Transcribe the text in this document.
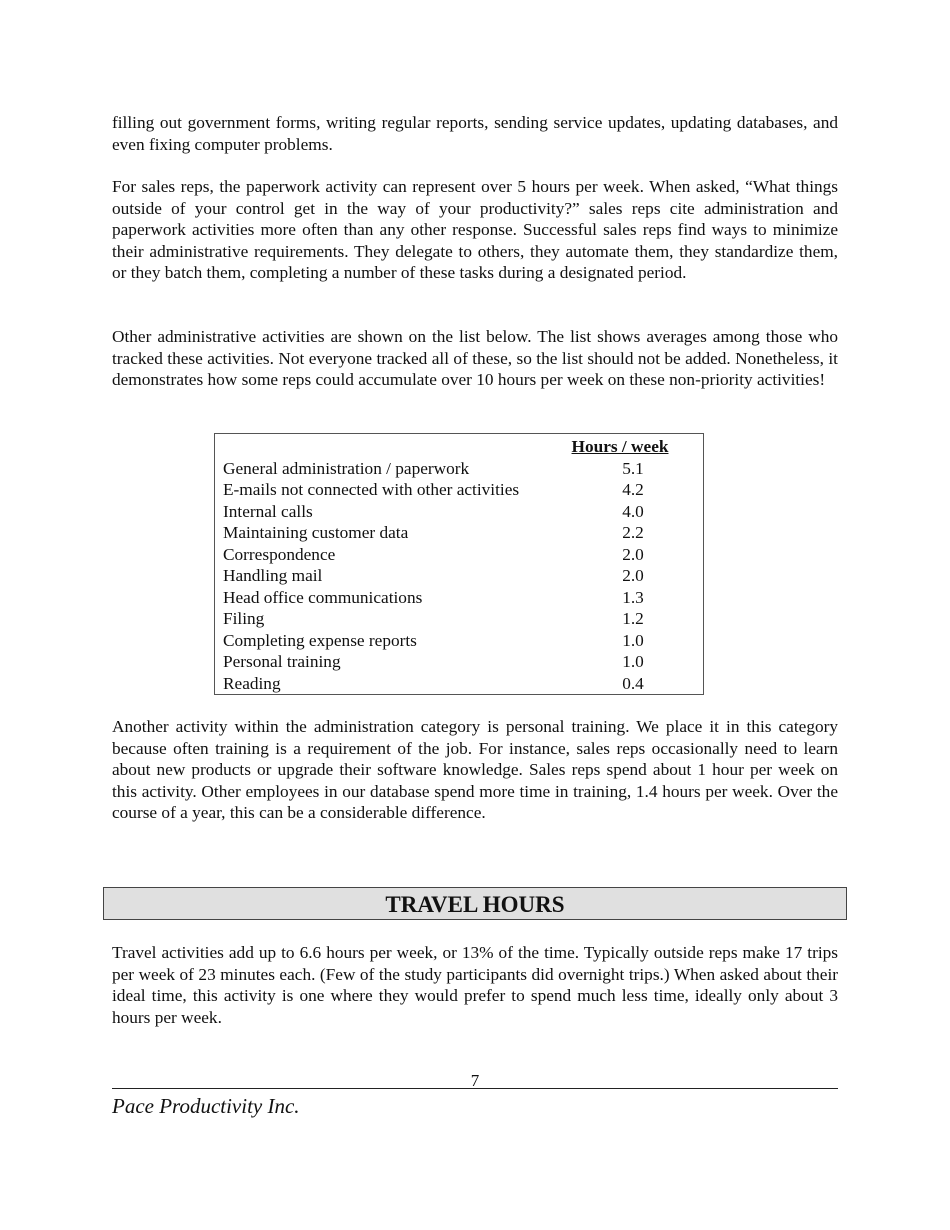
filling out government forms, writing regular reports, sending service updates, updating databases, and even fixing computer problems.

For sales reps, the paperwork activity can represent over 5 hours per week. When asked, “What things outside of your control get in the way of your productivity?” sales reps cite administration and paperwork activities more often than any other response. Successful sales reps find ways to minimize their administrative requirements. They delegate to others, they automate them, they standardize them, or they batch them, completing a number of these tasks during a designated period.

Other administrative activities are shown on the list below. The list shows averages among those who tracked these activities. Not everyone tracked all of these, so the list should not be added. Nonetheless, it demonstrates how some reps could accumulate over 10 hours per week on these non-priority activities!

Hours / week
General administration / paperwork	5.1
E-mails not connected with other activities	4.2
Internal calls	4.0
Maintaining customer data	2.2
Correspondence	2.0
Handling mail	2.0
Head office communications	1.3
Filing	1.2
Completing expense reports	1.0
Personal training	1.0
Reading	0.4

Another activity within the administration category is personal training. We place it in this category because often training is a requirement of the job. For instance, sales reps occasionally need to learn about new products or upgrade their software knowledge. Sales reps spend about 1 hour per week on this activity. Other employees in our database spend more time in training, 1.4 hours per week. Over the course of a year, this can be a considerable difference.

TRAVEL HOURS

Travel activities add up to 6.6 hours per week, or 13% of the time. Typically outside reps make 17 trips per week of 23 minutes each. (Few of the study participants did overnight trips.) When asked about their ideal time, this activity is one where they would prefer to spend much less time, ideally only about 3 hours per week.

7
Pace Productivity Inc.
